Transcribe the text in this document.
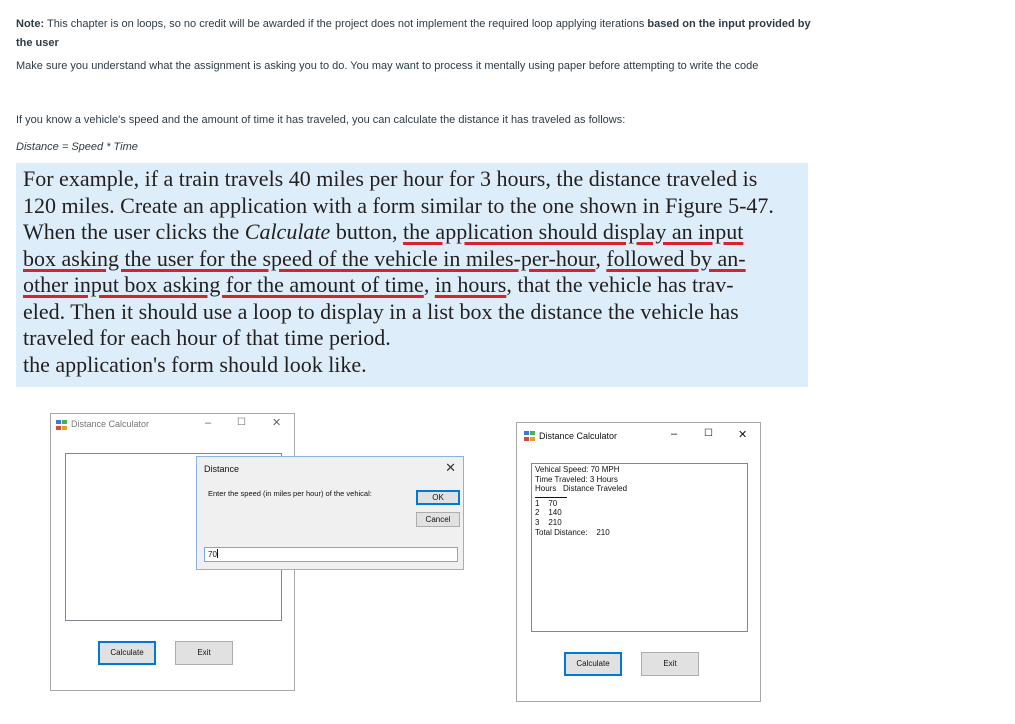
Note: This chapter is on loops, so no credit will be awarded if the project does not implement the required loop applying iterations based on the input provided by the user
Make sure you understand what the assignment is asking you to do. You may want to process it mentally using paper before attempting to write the code
If you know a vehicle's speed and the amount of time it has traveled, you can calculate the distance it has traveled as follows:
Distance = Speed * Time
For example, if a train travels 40 miles per hour for 3 hours, the distance traveled is
120 miles. Create an application with a form similar to the one shown in Figure 5-47.
When the user clicks the Calculate button, the application should display an input
box asking the user for the speed of the vehicle in miles-per-hour, followed by an-
other input box asking for the amount of time, in hours, that the vehicle has trav-
eled. Then it should use a loop to display in a list box the distance the vehicle has
traveled for each hour of that time period.
the application's form should look like.
Distance Calculator	–	☐ ✕
Calculate	Exit
Distance	✕
Enter the speed (in miles per hour) of the vehical:	OK
Cancel
70
Distance Calculator	–	☐ ✕
Vehical Speed: 70 MPH
Time Traveled: 3 Hours
Hours   Distance Traveled
1    70
2    140
3    210
Total Distance:    210
Calculate	Exit
